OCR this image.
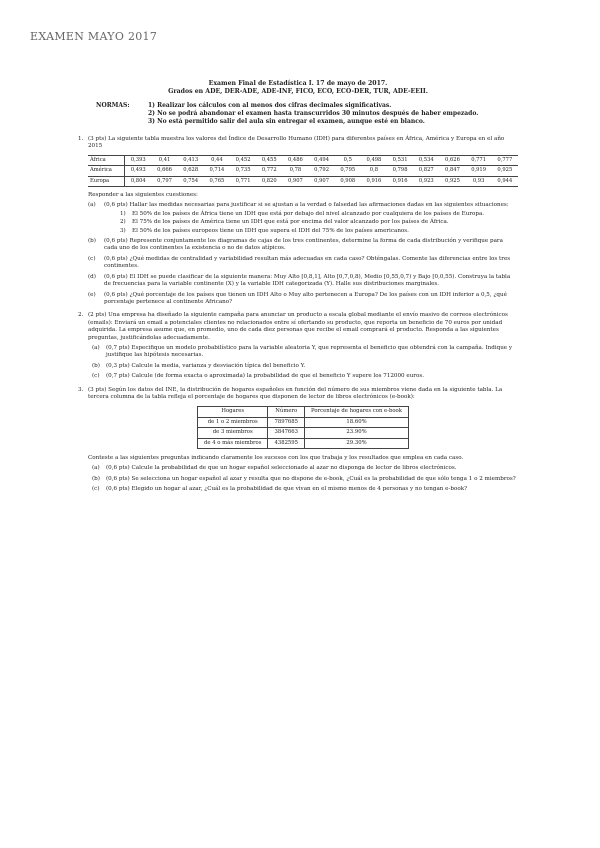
EXAMEN MAYO 2017
Examen Final de Estadística I. 17 de mayo de 2017.
Grados en ADE, DER-ADE, ADE-INF, FICO, ECO, ECO-DER, TUR, ADE-EEII.
NORMAS:	1) Realizar los cálculos con al menos dos cifras decimales significativas.
2) No se podrá abandonar el examen hasta transcurridos 30 minutos después de haber empezado.
3) No está permitido salir del aula sin entregar el examen, aunque esté en blanco.
1. (3 pts) La siguiente tabla muestra los valores del Índice de Desarrollo Humano (IDH) para diferentes países en África, América y Europa en el año 2015
África	0,393	0,41	0,413	0,44	0,452	0,455	0,486	0,494	0,5	0,498	0,531	0,534	0,626	0,771	0,777
América	0,493	0,666	0,628	0,714	0,735	0,772	0,78	0,792	0,795	0,8	0,798	0,827	0,847	0,919	0,925
Europa	0,804	0,797	0,754	0,765	0,771	0,820	0,907	0,907	0,908	0,916	0,916	0,923	0,925	0,93	0,944
Responder a las siguientes cuestiones:
(a)	(0,6 pts) Hallar las medidas necesarias para justificar si se ajustan a la verdad o falsedad las afirmaciones dadas en las siguientes situaciones:
1)	El 50% de los países de África tiene un IDH que está por debajo del nivel alcanzado por cualquiera de los países de Europa.
2)	El 75% de los países de América tiene un IDH que está por encima del valor alcanzado por los países de África.
3)	El 50% de los países europeos tiene un IDH que supera el IDH del 75% de los países americanos.
(b)	(0,6 pts) Represente conjuntamente los diagramas de cajas de los tres continentes, determine la forma de cada distribución y verifique para cada uno de los continentes la existencia o no de datos atípicos.
(c)	(0,6 pts) ¿Qué medidas de centralidad y variabilidad resultan más adecuadas en cada caso? Obténgalas. Comente las diferencias entre los tres continentes.
(d)	(0,6 pts) El IDH se puede clasificar de la siguiente manera: Muy Alto [0,8,1], Alto [0,7,0,8), Medio [0,55,0,7) y Bajo [0,0,55). Construya la tabla de frecuencias para la variable continente (X) y la variable IDH categorizada (Y). Halle sus distribuciones marginales.
(e)	(0,6 pts) ¿Qué porcentaje de los países que tienen un IDH Alto o Muy alto pertenecen a Europa? De los países con un IDH inferior a 0,5, ¿qué porcentaje pertenece al continente Africano?
2. (2 pts) Una empresa ha diseñado la siguiente campaña para anunciar un producto a escala global mediante el envío masivo de correos electrónicos (emails): Enviará un email a potenciales clientes no relacionados entre sí ofertando su producto, que reporta un beneficio de 70 euros por unidad adquirida. La empresa asume que, en promedio, uno de cada diez personas que recibe el email comprará el producto. Responda a las siguientes preguntas, justificándolas adecuadamente.
(a)	(0,7 pts) Especifique un modelo probabilístico para la variable aleatoria Y, que representa el beneficio que obtendrá con la campaña. Indique y justifique las hipótesis necesarias.
(b)	(0,3 pts) Calcule la media, varianza y desviación típica del beneficio Y.
(c)	(0,7 pts) Calcule (de forma exacta o aproximada) la probabilidad de que el beneficio Y supere los 712000 euros.
3. (3 pts) Según los datos del INE, la distribución de hogares españoles en función del número de sus miembros viene dada en la siguiente tabla. La tercera columna de la tabla refleja el porcentaje de hogares que disponen de lector de libros electrónicos (e-book):
Hogares	Número	Porcentaje de hogares con e-book
de 1 o 2 miembros	7897685	18.60%
de 3 miembros	3847663	23.90%
de 4 o más miembros	4382595	29.30%
Conteste a las siguientes preguntas indicando claramente los sucesos con los que trabaja y los resultados que emplea en cada caso.
(a)	(0,6 pts) Calcule la probabilidad de que un hogar español seleccionado al azar no disponga de lector de libros electrónicos.
(b)	(0,6 pts) Se selecciona un hogar español al azar y resulta que no dispone de e-book, ¿Cuál es la probabilidad de que sólo tenga 1 o 2 miembros?
(c)	(0,6 pts) Elegido un hogar al azar, ¿Cuál es la probabilidad de que vivan en el mismo menos de 4 personas y no tengan e-book?
